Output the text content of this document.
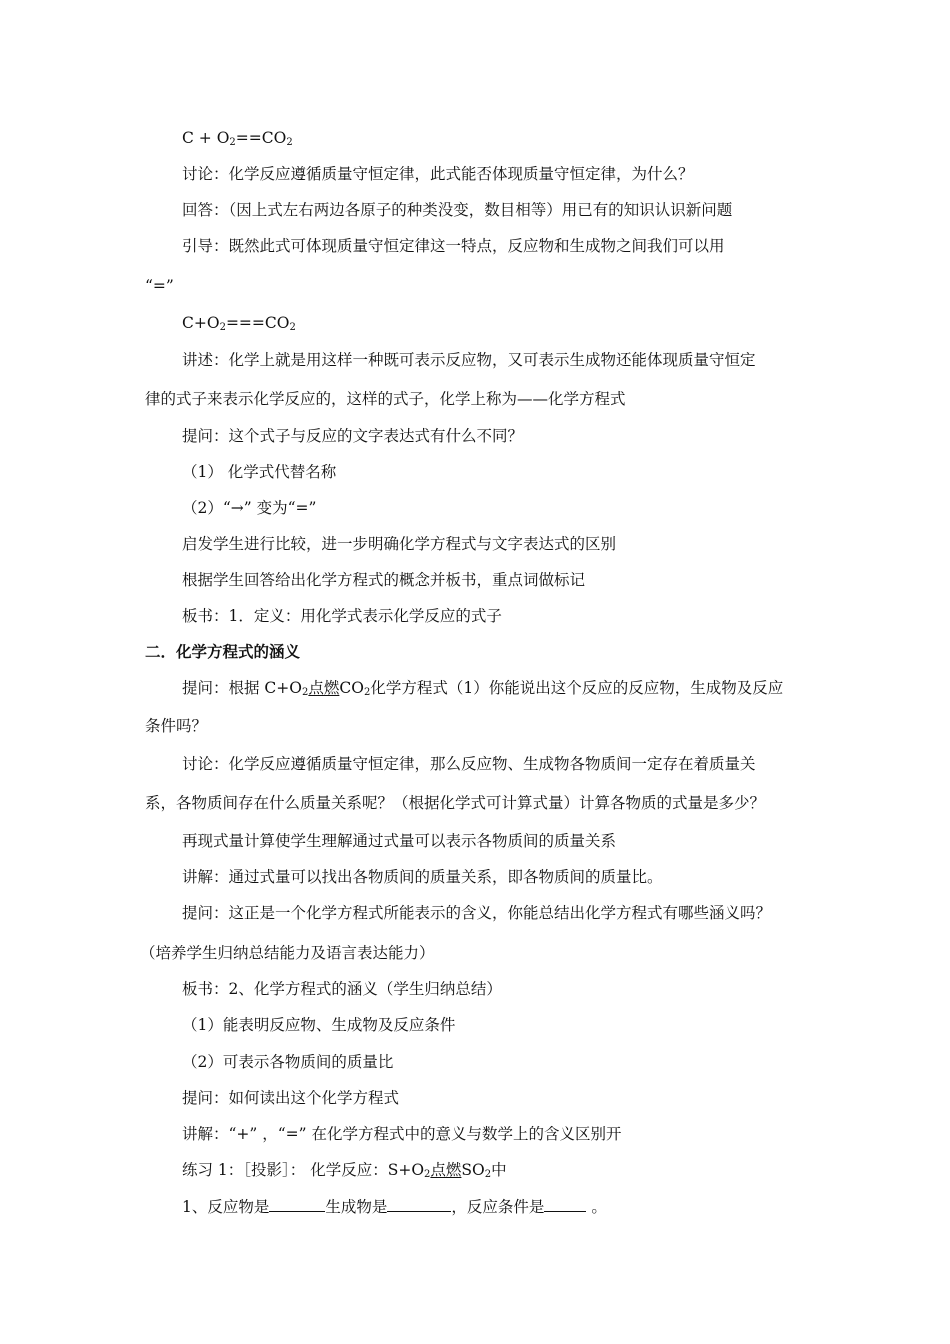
$C + O_2==CO_2$
讨论：化学反应遵循质量守恒定律，此式能否体现质量守恒定律，为什么？
回答：（因上式左右两边各原子的种类没变，数目相等）用已有的知识认识新问题
引导：既然此式可体现质量守恒定律这一特点，反应物和生成物之间我们可以用
“=”
$C+O_2===CO_2$
讲述：化学上就是用这样一种既可表示反应物，又可表示生成物还能体现质量守恒定
律的式子来表示化学反应的，这样的式子，化学上称为——化学方程式
提问：这个式子与反应的文字表达式有什么不同？
（1） 化学式代替名称
（2）“→” 变为“=”
启发学生进行比较，进一步明确化学方程式与文字表达式的区别
根据学生回答给出化学方程式的概念并板书，重点词做标记
板书：1．定义：用化学式表示化学反应的式子
二．化学方程式的涵义
提问：根据 $C+O_2$点燃$CO_2$化学方程式（1）你能说出这个反应的反应物，生成物及反应
条件吗？
讨论：化学反应遵循质量守恒定律，那么反应物、生成物各物质间一定存在着质量关
系，各物质间存在什么质量关系呢？（根据化学式可计算式量）计算各物质的式量是多少？
再现式量计算使学生理解通过式量可以表示各物质间的质量关系
讲解：通过式量可以找出各物质间的质量关系，即各物质间的质量比。
提问：这正是一个化学方程式所能表示的含义，你能总结出化学方程式有哪些涵义吗？
（培养学生归纳总结能力及语言表达能力）
板书：2、化学方程式的涵义（学生归纳总结）
（1）能表明反应物、生成物及反应条件
（2）可表示各物质间的质量比
提问：如何读出这个化学方程式
讲解：“+” ，“=” 在化学方程式中的意义与数学上的含义区别开
练习 1：［投影］： 化学反应：$S+O_2$点燃$SO_2$中
1、反应物是	生成物是	，反应条件是	。
